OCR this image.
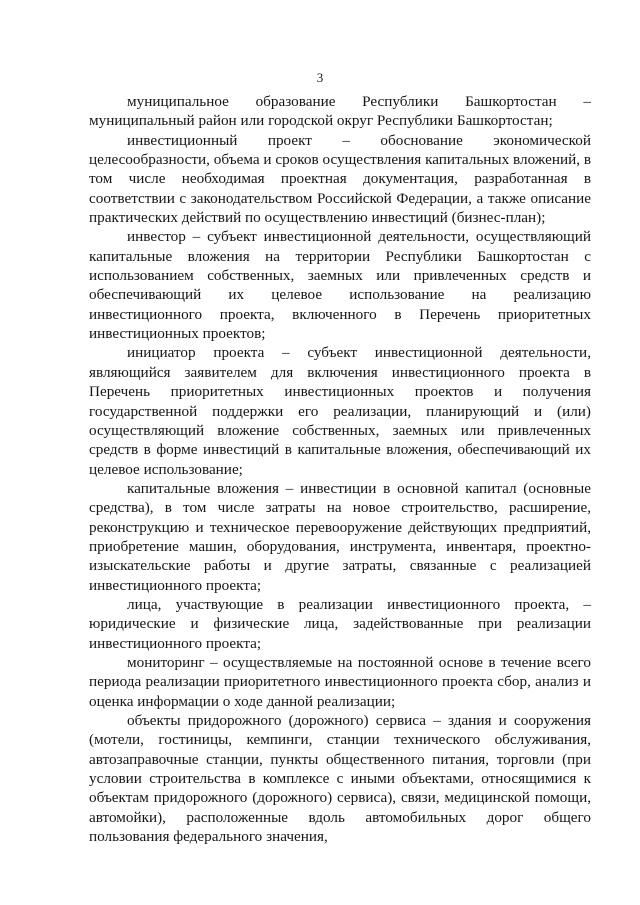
3

муниципальное образование Республики Башкортостан – муниципальный район или городской округ Республики Башкортостан;

инвестиционный проект – обоснование экономической целесообразности, объема и сроков осуществления капитальных вложений, в том числе необходимая проектная документация, разработанная в соответствии с законодательством Российской Федерации, а также описание практических действий по осуществлению инвестиций (бизнес-план);

инвестор – субъект инвестиционной деятельности, осуществляющий капитальные вложения на территории Республики Башкортостан с использованием собственных, заемных или привлеченных средств и обеспечивающий их целевое использование на реализацию инвестиционного проекта, включенного в Перечень приоритетных инвестиционных проектов;

инициатор проекта – субъект инвестиционной деятельности, являющийся заявителем для включения инвестиционного проекта в Перечень приоритетных инвестиционных проектов и получения государственной поддержки его реализации, планирующий и (или) осуществляющий вложение собственных, заемных или привлеченных средств в форме инвестиций в капитальные вложения, обеспечивающий их целевое использование;

капитальные вложения – инвестиции в основной капитал (основные средства), в том числе затраты на новое строительство, расширение, реконструкцию и техническое перевооружение действующих предприятий, приобретение машин, оборудования, инструмента, инвентаря, проектно-изыскательские работы и другие затраты, связанные с реализацией инвестиционного проекта;

лица, участвующие в реализации инвестиционного проекта, – юридические и физические лица, задействованные при реализации инвестиционного проекта;

мониторинг – осуществляемые на постоянной основе в течение всего периода реализации приоритетного инвестиционного проекта сбор, анализ и оценка информации о ходе данной реализации;

объекты придорожного (дорожного) сервиса – здания и сооружения (мотели, гостиницы, кемпинги, станции технического обслуживания, автозаправочные станции, пункты общественного питания, торговли (при условии строительства в комплексе с иными объектами, относящимися к объектам придорожного (дорожного) сервиса), связи, медицинской помощи, автомойки), расположенные вдоль автомобильных дорог общего пользования федерального значения,
